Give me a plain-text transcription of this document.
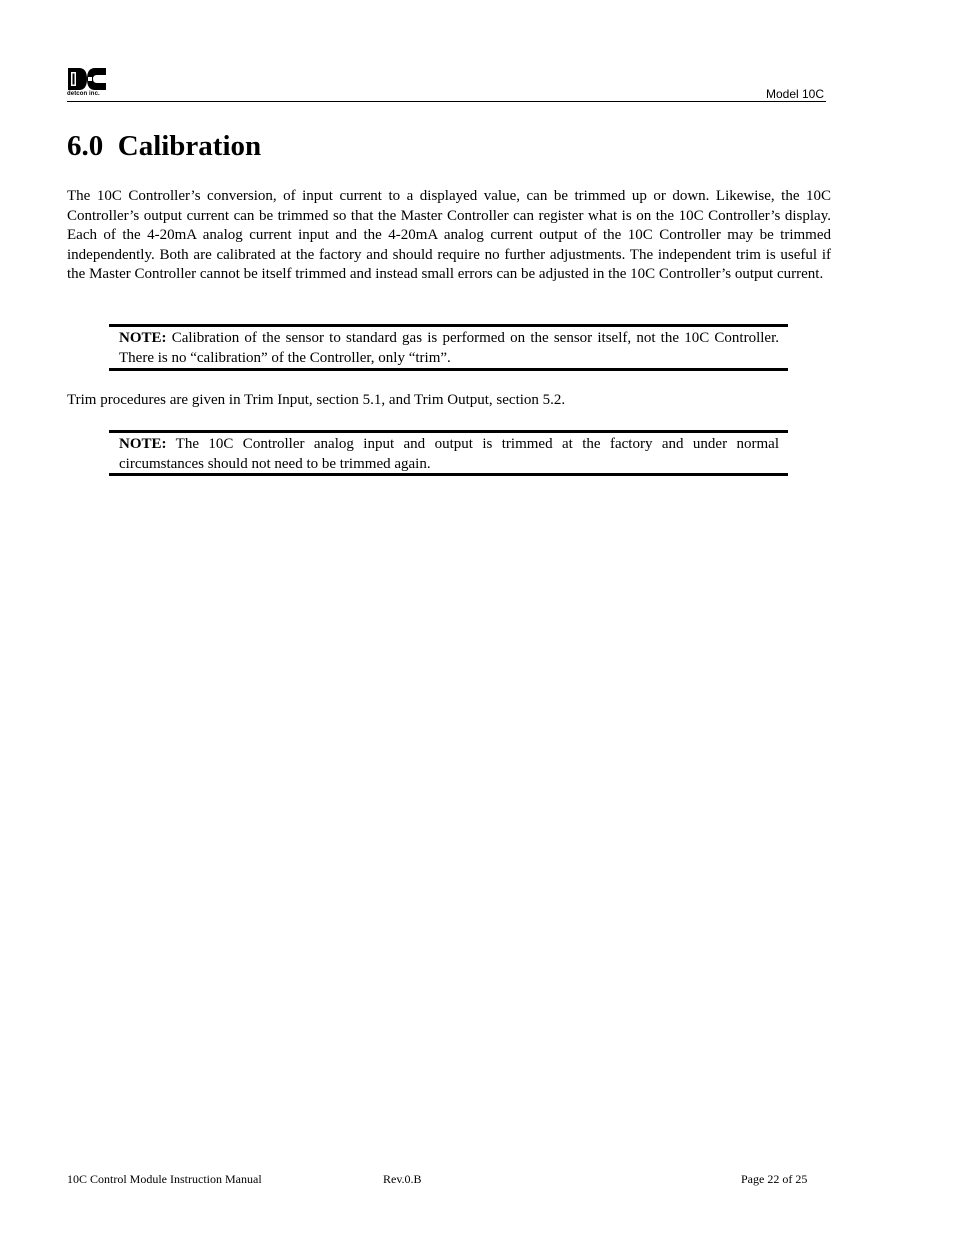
detcon inc.	Model 10C
6.0 Calibration

The 10C Controller’s conversion, of input current to a displayed value, can be trimmed up or down. Likewise, the 10C Controller’s output current can be trimmed so that the Master Controller can register what is on the 10C Controller’s display. Each of the 4-20mA analog current input and the 4-20mA analog current output of the 10C Controller may be trimmed independently. Both are calibrated at the factory and should require no further adjustments. The independent trim is useful if the Master Controller cannot be itself trimmed and instead small errors can be adjusted in the 10C Controller’s output current.

NOTE: Calibration of the sensor to standard gas is performed on the sensor itself, not the 10C Controller. There is no “calibration” of the Controller, only “trim”.

Trim procedures are given in Trim Input, section 5.1, and Trim Output, section 5.2.

NOTE: The 10C Controller analog input and output is trimmed at the factory and under normal circumstances should not need to be trimmed again.
10C Control Module Instruction Manual	Rev.0.B	Page 22 of 25
